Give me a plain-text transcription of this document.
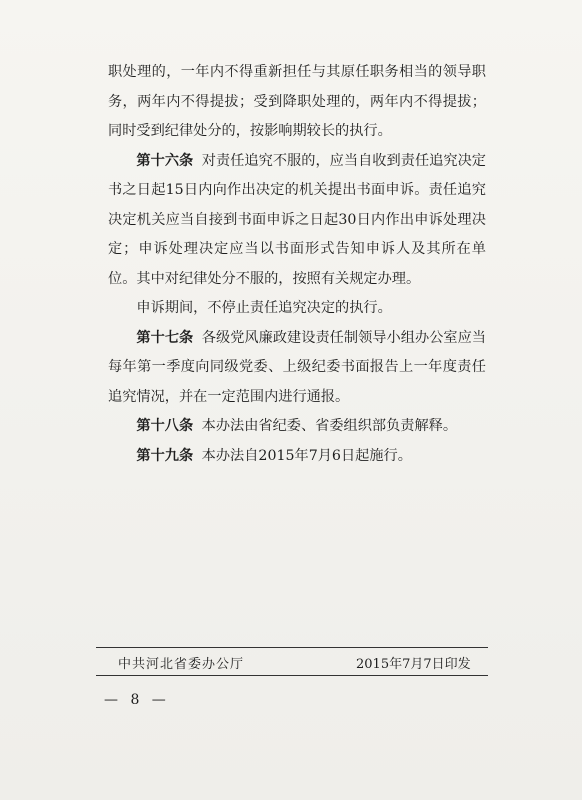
职处理的，一年内不得重新担任与其原任职务相当的领导职务，两年内不得提拔；受到降职处理的，两年内不得提拔；同时受到纪律处分的，按影响期较长的执行。

第十六条 对责任追究不服的，应当自收到责任追究决定书之日起15日内向作出决定的机关提出书面申诉。责任追究决定机关应当自接到书面申诉之日起30日内作出申诉处理决定；申诉处理决定应当以书面形式告知申诉人及其所在单位。其中对纪律处分不服的，按照有关规定办理。

申诉期间，不停止责任追究决定的执行。

第十七条 各级党风廉政建设责任制领导小组办公室应当每年第一季度向同级党委、上级纪委书面报告上一年度责任追究情况，并在一定范围内进行通报。

第十八条 本办法由省纪委、省委组织部负责解释。

第十九条 本办法自2015年7月6日起施行。

中共河北省委办公厅	2015年7月7日印发
— 8 —
